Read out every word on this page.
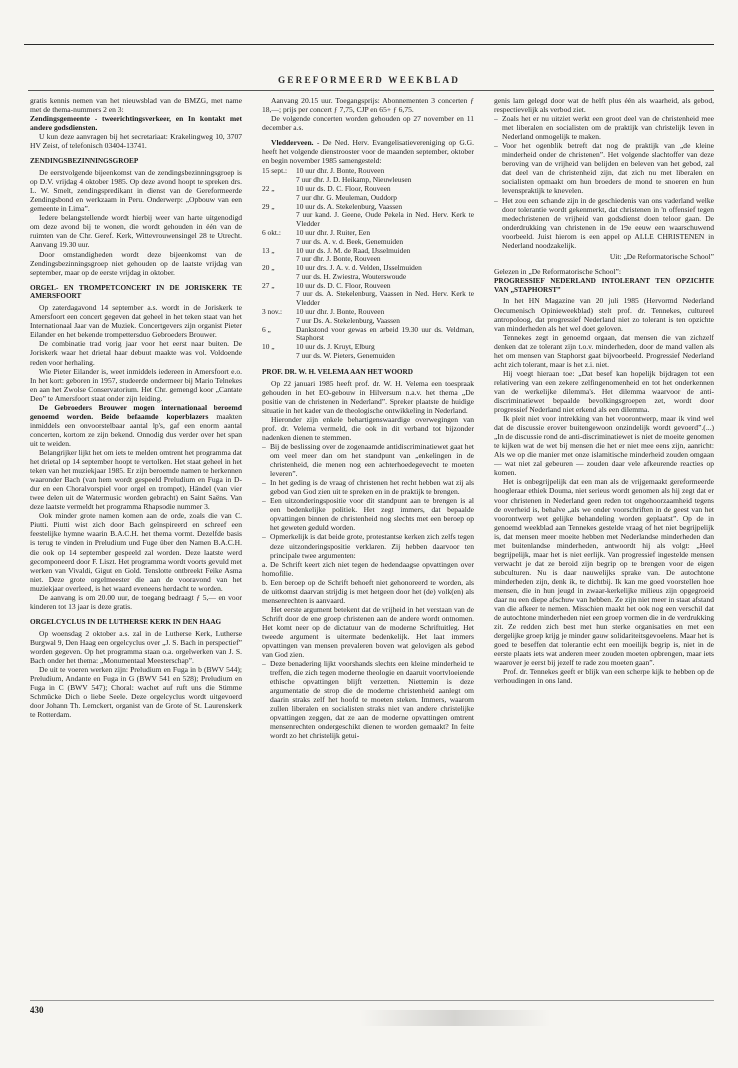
GEREFORMEERD WEEKBLAD

gratis kennis nemen van het nieuwsblad van de BMZG, met name met de thema-nummers 2 en 3:

Zendingsgemeente - tweerichtingsverkeer, en In kontakt met andere godsdiensten.

U kun deze aanvragen bij het secretariaat: Krakelingweg 10, 3707 HV Zeist, of telefonisch 03404-13741.

ZENDINGSBEZINNINGSGROEP

De eerstvolgende bijeenkomst van de zendingsbezinningsgroep is op D.V. vrijdag 4 oktober 1985. Op deze avond hoopt te spreken drs. L. W. Smelt, zendingspredikant in dienst van de Gereformeerde Zendingsbond en werkzaam in Peru. Onderwerp: „Opbouw van een gemeente in Lima”.

Iedere belangstellende wordt hierbij weer van harte uitgenodigd om deze avond bij te wonen, die wordt gehouden in één van de ruimten van de Chr. Geref. Kerk, Wittevrouwensingel 28 te Utrecht. Aanvang 19.30 uur.

Door omstandigheden wordt deze bijeenkomst van de Zendingsbezinningsgroep niet gehouden op de laatste vrijdag van september, maar op de eerste vrijdag in oktober.

ORGEL- EN TROMPETCONCERT IN DE JORISKERK TE AMERSFOORT

Op zaterdagavond 14 september a.s. wordt in de Joriskerk te Amersfoort een concert gegeven dat geheel in het teken staat van het Internationaal Jaar van de Muziek. Concertgevers zijn organist Pieter Eilander en het bekende trompettersduo Gebroeders Brouwer.

De combinatie trad vorig jaar voor het eerst naar buiten. De Joriskerk waar het drietal haar debuut maakte was vol. Voldoende reden voor herhaling.

Wie Pieter Eilander is, weet inmiddels iedereen in Amersfoort e.o. In het kort: geboren in 1957, studeerde ondermeer bij Mario Telnekes en aan het Zwolse Conservatorium. Het Chr. gemengd koor „Cantate Deo” te Amersfoort staat onder zijn leiding.

De Gebroeders Brouwer mogen internationaal beroemd genoemd worden. Beide befaamde koperblazers maakten inmiddels een onvoorstelbaar aantal lp's, gaf een enorm aantal concerten, kortom ze zijn bekend. Onnodig dus verder over het span uit te weiden.

Belangrijker lijkt het om iets te melden omtrent het programma dat het drietal op 14 september hoopt te vertolken. Het staat geheel in het teken van het muziekjaar 1985. Er zijn beroemde namen te herkennen waaronder Bach (van hem wordt gespeeld Preludium en Fuga in D-dur en een Choralvorspiel voor orgel en trompet), Händel (van vier twee delen uit de Watermusic worden gebracht) en Saint Saëns. Van deze laatste vermeldt het programma Rhapsodie nummer 3.

Ook minder grote namen komen aan de orde, zoals die van C. Piutti. Piutti wist zich door Bach geïnspireerd en schreef een feestelijke hymne waarin B.A.C.H. het thema vormt. Dezelfde basis is terug te vinden in Preludium und Fuge über den Namen B.A.C.H. die ook op 14 september gespeeld zal worden. Deze laatste werd gecomponeerd door F. Liszt. Het programma wordt voorts gevuld met werken van Vivaldi, Gigut en Gold. Tenslotte ontbreekt Feike Asma niet. Deze grote orgelmeester die aan de vooravond van het muziekjaar overleed, is het waard eveneens herdacht te worden.

De aanvang is om 20.00 uur, de toegang bedraagt ƒ 5,— en voor kinderen tot 13 jaar is deze gratis.

ORGELCYCLUS IN DE LUTHERSE KERK IN DEN HAAG

Op woensdag 2 oktober a.s. zal in de Lutherse Kerk, Lutherse Burgwal 9, Den Haag een orgelcyclus over „J. S. Bach in perspectief” worden gegeven. Op het programma staan o.a. orgelwerken van J. S. Bach onder het thema: „Monumentaal Meesterschap”.

De uit te voeren werken zijn: Preludium en Fuga in b (BWV 544); Preludium, Andante en Fuga in G (BWV 541 en 528); Preludium en Fuga in C (BWV 547); Choral: wachet auf ruft uns die Stimme Schmücke Dich o liebe Seele. Deze orgelcyclus wordt uitgevoerd door Johann Th. Lemckert, organist van de Grote of St. Laurenskerk te Rotterdam.

Aanvang 20.15 uur. Toegangsprijs: Abonnementen 3 concerten ƒ 18,—; prijs per concert ƒ 7,75, CJP en 65+ ƒ 6,75.

De volgende concerten worden gehouden op 27 november en 11 december a.s.

Vledderveen. - De Ned. Herv. Evangelisatievereniging op G.G. heeft het volgende dienstrooster voor de maanden september, oktober en begin november 1985 samengesteld:

15 sept.:	10 uur dhr. J. Bonte, Rouveen
	7 uur dhr. J. D. Heikamp, Nieuwleusen
22 „	10 uur ds. D. C. Floor, Rouveen
	7 uur dhr. G. Meuleman, Ouddorp
29 „	10 uur ds. A. Stekelenburg, Vaassen
	7 uur kand. J. Geene, Oude Pekela in Ned. Herv. Kerk te Vledder
6 okt.:	10 uur dhr. J. Ruiter, Een
	7 uur ds. A. v. d. Beek, Genemuiden
13 „	10 uur ds. J. M. de Raad, IJsselmuiden
	7 uur dhr. J. Bonte, Rouveen
20 „	10 uur drs. J. A. v. d. Velden, IJsselmuiden
	7 uur ds. H. Zwiestra, Wouterswoude
27 „	10 uur ds. D. C. Floor, Rouveen
	7 uur ds. A. Stekelenburg, Vaassen in Ned. Herv. Kerk te Vledder
3 nov.:	10 uur dhr. J. Bonte, Rouveen
	7 uur Ds. A. Stekelenburg, Vaassen
6 „	Dankstond voor gewas en arbeid 19.30 uur ds. Veldman, Staphorst
10 „	10 uur ds. J. Kruyt, Elburg
	7 uur ds. W. Pieters, Genemuiden
PROF. DR. W. H. VELEMA AAN HET WOORD

Op 22 januari 1985 heeft prof. dr. W. H. Velema een toespraak gehouden in het EO-gebouw in Hilversum n.a.v. het thema „De positie van de christenen in Nederland”. Spreker plaatste de huidige situatie in het kader van de theologische ontwikkeling in Nederland.

Hieronder zijn enkele behartigenswaardige overwegingen van prof. dr. Velema vermeld, die ook in dit verband tot bijzonder nadenken dienen te stemmen.

– Bij de beslissing over de zogenaamde antidiscriminatiewet gaat het om veel meer dan om het standpunt van „enkelingen in de christenheid, die menen nog een achterhoedegevecht te moeten leveren”.
– In het geding is de vraag of christenen het recht hebben wat zij als gebod van God zien uit te spreken en in de praktijk te brengen.
– Een uitzonderingspositie voor dit standpunt aan te brengen is al een bedenkelijke politiek. Het zegt immers, dat bepaalde opvattingen binnen de christenheid nog slechts met een beroep op het geweten geduld worden.
– Opmerkelijk is dat beide grote, protestantse kerken zich zelfs tegen deze uitzonderingspositie verklaren. Zij hebben daarvoor ten principale twee argumenten:

a. De Schrift keert zich niet tegen de hedendaagse opvattingen over homofilie.

b. Een beroep op de Schrift behoeft niet gehonoreerd te worden, als de uitkomst daarvan strijdig is met hetgeen door het (de) volk(en) als mensenrechten is aanvaard.

Het eerste argument betekent dat de vrijheid in het verstaan van de Schrift door de ene groep christenen aan de andere wordt ontnomen. Het komt neer op de dictatuur van de moderne Schriftuitleg. Het tweede argument is uitermate bedenkelijk. Het laat immers opvattingen van mensen prevaleren boven wat gelovigen als gebod van God zien.

– Deze benadering lijkt voorshands slechts een kleine minderheid te treffen, die zich tegen moderne theologie en daaruit voortvloeiende ethische opvattingen blijft verzetten. Niettemin is deze argumentatie de strop die de moderne christenheid aanlegt om daarin straks zelf het hoofd te moeten steken. Immers, waarom zullen liberalen en socialisten straks niet van andere christelijke opvattingen zeggen, dat ze aan de moderne opvattingen omtrent mensenrechten ondergeschikt dienen te worden gemaakt? In feite wordt zo het christelijk getui-

genis lam gelegd door wat de helft plus één als waarheid, als gebod, respectievelijk als verbod ziet.

– Zoals het er nu uitziet werkt een groot deel van de christenheid mee met liberalen en socialisten om de praktijk van christelijk leven in Nederland onmogelijk te maken.
– Voor het ogenblik betreft dat nog de praktijk van „de kleine minderheid onder de christenen”. Het volgende slachtoffer van deze beroving van de vrijheid van belijden en beleven van het gebod, zal dat deel van de christenheid zijn, dat zich nu met liberalen en socialisten opmaakt om hun broeders de mond te snoeren en hun levenspraktijk te knevelen.
– Het zou een schande zijn in de geschiedenis van ons vaderland welke door tolerantie wordt gekenmerkt, dat christenen in 'n offensief tegen medechristenen de vrijheid van godsdienst doen teloor gaan. De onderdrukking van christenen in de 19e eeuw een waarschuwend voorbeeld. Juist hierom is een appel op ALLE CHRISTENEN in Nederland noodzakelijk.

Uit: „De Reformatorische School”

Gelezen in „De Reformatorische School”:

PROGRESSIEF NEDERLAND INTOLERANT TEN OPZICHTE VAN „STAPHORST”

In het HN Magazine van 20 juli 1985 (Hervormd Nederland Oecumenisch Opinieweekblad) stelt prof. dr. Tennekes, cultureel antropoloog, dat progressief Nederland niet zo tolerant is ten opzichte van minderheden als het wel doet geloven.

Tennekes zegt in genoemd orgaan, dat mensen die van zichzelf denken dat ze tolerant zijn t.o.v. minderheden, door de mand vallen als het om mensen van Staphorst gaat bijvoorbeeld. Progressief Nederland acht zich tolerant, maar is het z.i. niet.

Hij voegt hieraan toe: „Dat besef kan hopelijk bijdragen tot een relativering van een zekere zelfingenomenheid en tot het onderkennen van de werkelijke dilemma's. Het dilemma waarvoor de anti-discriminatiewet bepaalde bevolkingsgroepen zet, wordt door progressief Nederland niet erkend als een dilemma.

Ik pleit niet voor intrekking van het voorontwerp, maar ik vind wel dat de discussie erover buitengewoon onzindelijk wordt gevoerd”.(...) „In de discussie rond de anti-discriminatiewet is niet de moeite genomen te kijken wat de wet bij mensen die het er niet mee eens zijn, aanricht: Als we op die manier met onze islamitische minderheid zouden omgaan — wat niet zal gebeuren — zouden daar vele afkeurende reacties op komen.

Het is onbegrijpelijk dat een man als de vrijgemaakt gereformeerde hoogleraar ethiek Douma, niet serieus wordt genomen als hij zegt dat er voor christenen in Nederland geen reden tot ongehoorzaamheid tegens de overheid is, behalve „als we onder voorschriften in de geest van het voorontwerp wet gelijke behandeling worden geplaatst”. Op de in genoemd weekblad aan Tennekes gestelde vraag of het niet begrijpelijk is, dat mensen meer moeite hebben met Nederlandse minderheden dan met buitenlandse minderheden, antwoordt hij als volgt: „Heel begrijpelijk, maar het is niet eerlijk. Van progressief ingestelde mensen verwacht je dat ze beroid zijn begrip op te brengen voor de eigen subculturen. Nu is daar nauwelijks sprake van. De autochtone minderheden zijn, denk ik, te dichtbij. Ik kan me goed voorstellen hoe mensen, die in hun jeugd in zwaar-kerkelijke milieus zijn opgegroeid daar nu een diepe afschuw van hebben. Ze zijn niet meer in staat afstand van die afkeer te nemen. Misschien maakt het ook nog een verschil dat de autochtone minderheden niet een groep vormen die in de verdrukking zit. Ze redden zich best met hun sterke organisaties en met een dergelijke groep krijg je minder gauw solidariteitsgevoelens. Maar het is goed te beseffen dat tolerantie echt een moeilijk begrip is, niet in de eerste plaats iets wat anderen meer zouden moeten opbrengen, maar iets waarover je eerst bij jezelf te rade zou moeten gaan”.

Prof. dr. Tennekes geeft er blijk van een scherpe kijk te hebben op de verhoudingen in ons land.

430
